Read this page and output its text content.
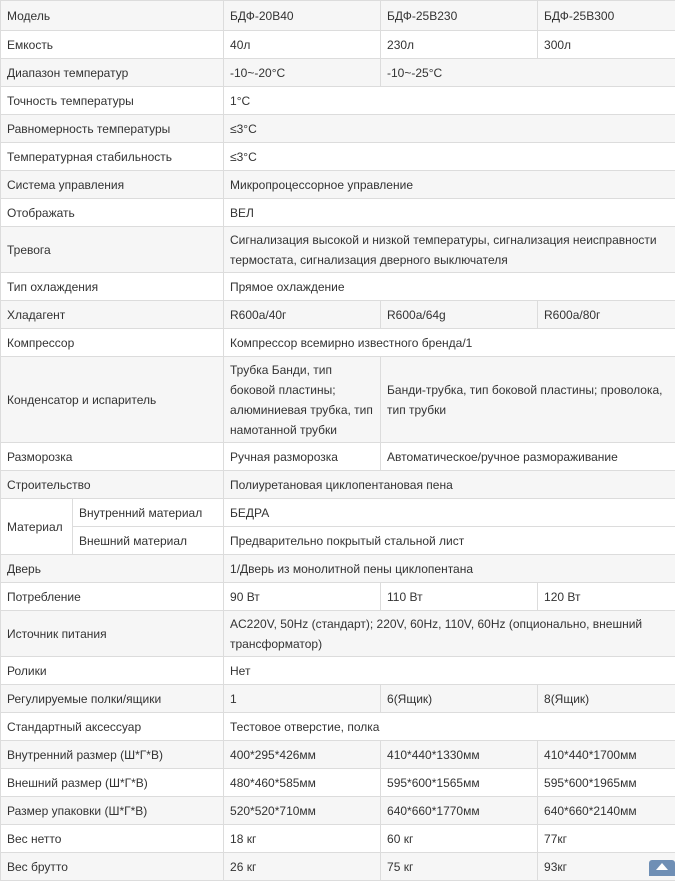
Модель		БДФ-20B40	БДФ-25B230	БДФ-25B300
Емкость		40л	230л	300л
Диапазон температур		-10~-20°C	-10~-25°C	
Точность температуры		1°C		
Равномерность температуры		≤3°C		
Температурная стабильность		≤3°C		
Система управления		Микропроцессорное управление		
Отображать		ВЕЛ		
Тревога		Сигнализация высокой и низкой температуры, сигнализация неисправности термостата, сигнализация дверного выключателя		
Тип охлаждения		Прямое охлаждение		
Хладагент		R600a/40г	R600a/64g	R600a/80г
Компрессор		Компрессор всемирно известного бренда/1		
Конденсатор и испаритель		Трубка Банди, тип боковой пластины; алюминиевая трубка, тип намотанной трубки	Банди-трубка, тип боковой пластины; проволока, тип трубки	
Разморозка		Ручная разморозка	Автоматическое/ручное размораживание	
Строительство		Полиуретановая циклопентановая пена		
Материал	Внутренний материал	БЕДРА		
	Внешний материал	Предварительно покрытый стальной лист		
Дверь		1/Дверь из монолитной пены циклопентана		
Потребление		90 Вт	110 Вт	120 Вт
Источник питания		AC220V, 50Hz (стандарт); 220V, 60Hz, 110V, 60Hz (опционально, внешний трансформатор)		
Ролики		Нет		
Регулируемые полки/ящики		1	6(Ящик)	8(Ящик)
Стандартный аксессуар		Тестовое отверстие, полка		
Внутренний размер (Ш*Г*В)		400*295*426мм	410*440*1330мм	410*440*1700мм
Внешний размер (Ш*Г*В)		480*460*585мм	595*600*1565мм	595*600*1965мм
Размер упаковки (Ш*Г*В)		520*520*710мм	640*660*1770мм	640*660*2140мм
Вес нетто		18 кг	60 кг	77кг
Вес брутто		26 кг	75 кг	93кг
